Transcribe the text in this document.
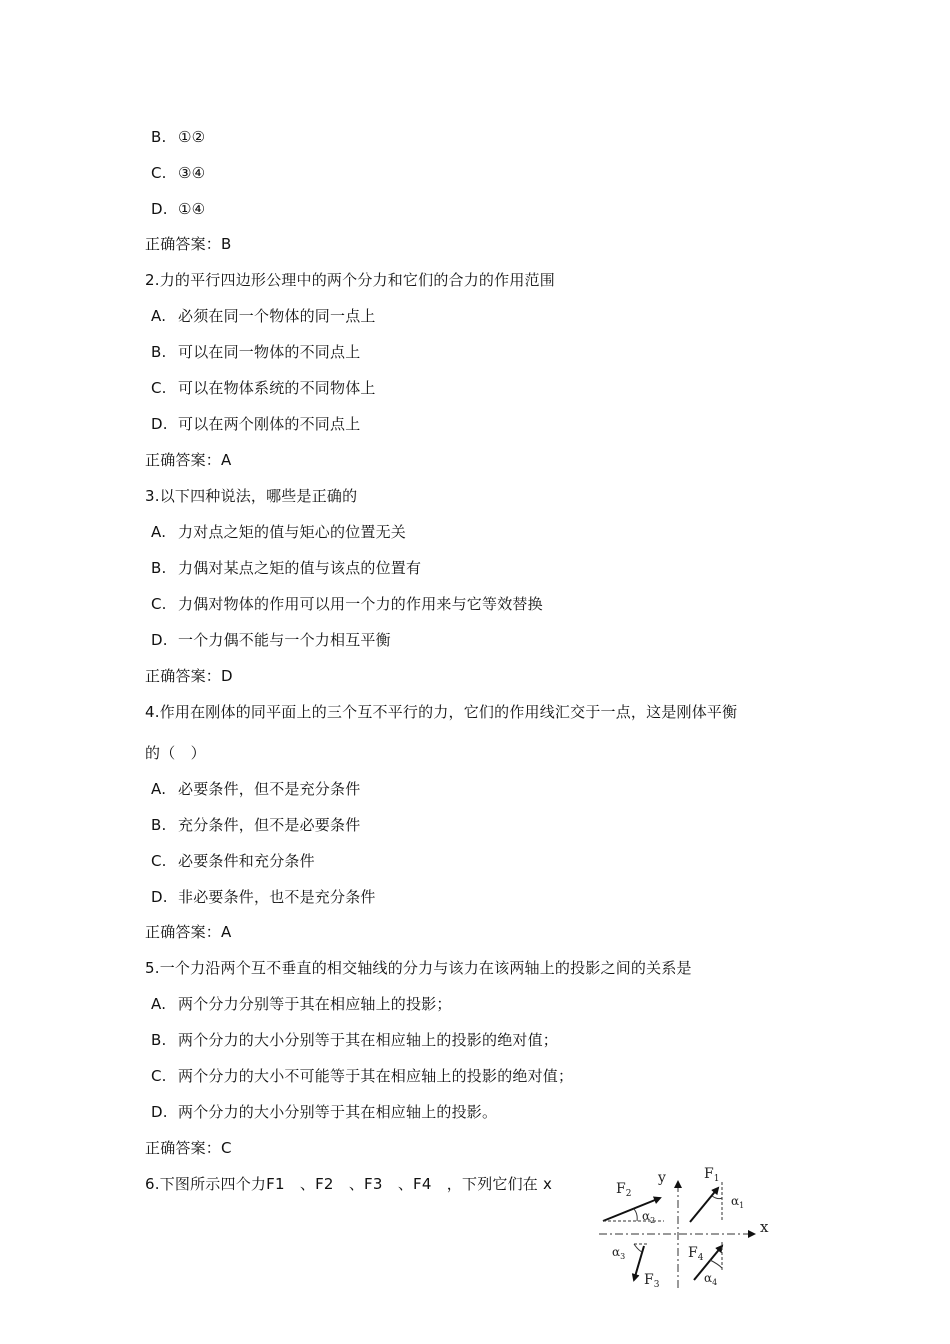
B. ①②
C. ③④
D. ①④
正确答案：B
2.力的平行四边形公理中的两个分力和它们的合力的作用范围
A. 必须在同一个物体的同一点上
B. 可以在同一物体的不同点上
C. 可以在物体系统的不同物体上
D. 可以在两个刚体的不同点上
正确答案：A
3.以下四种说法，哪些是正确的
A. 力对点之矩的值与矩心的位置无关
B. 力偶对某点之矩的值与该点的位置有
C. 力偶对物体的作用可以用一个力的作用来与它等效替换
D. 一个力偶不能与一个力相互平衡
正确答案：D
4.作用在刚体的同平面上的三个互不平行的力，它们的作用线汇交于一点，这是刚体平衡
的（　）
A. 必要条件，但不是充分条件
B. 充分条件，但不是必要条件
C. 必要条件和充分条件
D. 非必要条件，也不是充分条件
正确答案：A
5.一个力沿两个互不垂直的相交轴线的分力与该力在该两轴上的投影之间的关系是
A. 两个分力分别等于其在相应轴上的投影；
B. 两个分力的大小分别等于其在相应轴上的投影的绝对值；
C. 两个分力的大小不可能等于其在相应轴上的投影的绝对值；
D. 两个分力的大小分别等于其在相应轴上的投影。
正确答案：C
6.下图所示四个力F1　、F2　、F3　、F4　，下列它们在 x	y
x
$F_2$
$\alpha_2$
$F_1$
$\alpha_1$
$\alpha_3$
$F_3$
$F_4$
$\alpha_4$
